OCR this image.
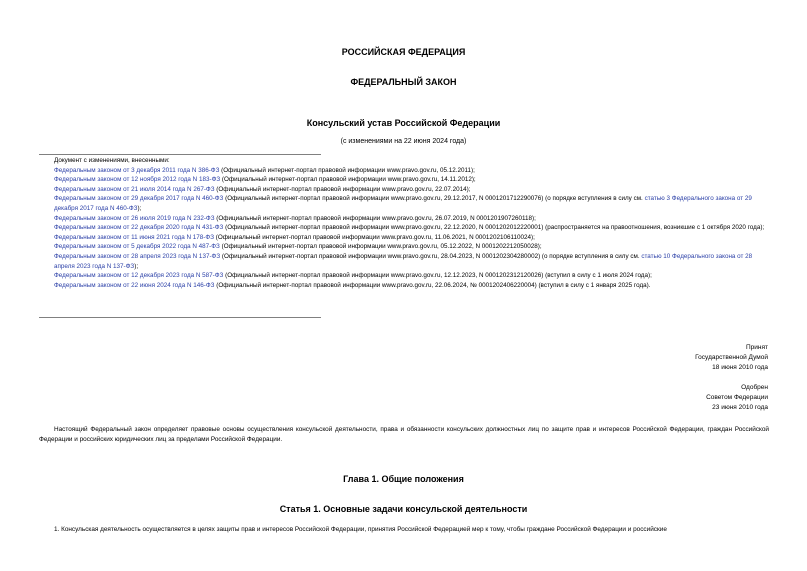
РОССИЙСКАЯ ФЕДЕРАЦИЯ
ФЕДЕРАЛЬНЫЙ ЗАКОН
Консульский устав Российской Федерации
(с изменениями на 22 июня 2024 года)
Документ с изменениями, внесенными:
Федеральным законом от 3 декабря 2011 года N 386-ФЗ (Официальный интернет-портал правовой информации www.pravo.gov.ru, 05.12.2011);
Федеральным законом от 12 ноября 2012 года N 183-ФЗ (Официальный интернет-портал правовой информации www.pravo.gov.ru, 14.11.2012);
Федеральным законом от 21 июля 2014 года N 267-ФЗ (Официальный интернет-портал правовой информации www.pravo.gov.ru, 22.07.2014);
Федеральным законом от 29 декабря 2017 года N 460-ФЗ (Официальный интернет-портал правовой информации www.pravo.gov.ru, 29.12.2017, N 0001201712290076) (о порядке вступления в силу см. статью 3 Федерального закона от 29 декабря 2017 года N 460-ФЗ);
Федеральным законом от 26 июля 2019 года N 232-ФЗ (Официальный интернет-портал правовой информации www.pravo.gov.ru, 26.07.2019, N 0001201907260118);
Федеральным законом от 22 декабря 2020 года N 431-ФЗ (Официальный интернет-портал правовой информации www.pravo.gov.ru, 22.12.2020, N 0001202012220001) (распространяется на правоотношения, возникшие с 1 октября 2020 года);
Федеральным законом от 11 июня 2021 года N 178-ФЗ (Официальный интернет-портал правовой информации www.pravo.gov.ru, 11.06.2021, N 0001202106110024);
Федеральным законом от 5 декабря 2022 года N 487-ФЗ (Официальный интернет-портал правовой информации www.pravo.gov.ru, 05.12.2022, N 0001202212050028);
Федеральным законом от 28 апреля 2023 года N 137-ФЗ (Официальный интернет-портал правовой информации www.pravo.gov.ru, 28.04.2023, N 0001202304280002) (о порядке вступления в силу см. статью 10 Федерального закона от 28 апреля 2023 года N 137-ФЗ);
Федеральным законом от 12 декабря 2023 года N 587-ФЗ (Официальный интернет-портал правовой информации www.pravo.gov.ru, 12.12.2023, N 0001202312120026) (вступил в силу с 1 июля 2024 года);
Федеральным законом от 22 июня 2024 года N 146-ФЗ (Официальный интернет-портал правовой информации www.pravo.gov.ru, 22.06.2024, № 0001202406220004) (вступил в силу с 1 января 2025 года).
Принят
Государственной Думой
18 июня 2010 года
Одобрен
Советом Федерации
23 июня 2010 года
Настоящий Федеральный закон определяет правовые основы осуществления консульской деятельности, права и обязанности консульских должностных лиц по защите прав и интересов Российской Федерации, граждан Российской Федерации и российских юридических лиц за пределами Российской Федерации.
Глава 1. Общие положения
Статья 1. Основные задачи консульской деятельности
1. Консульская деятельность осуществляется в целях защиты прав и интересов Российской Федерации, принятия Российской Федерацией мер к тому, чтобы граждане Российской Федерации и российские
